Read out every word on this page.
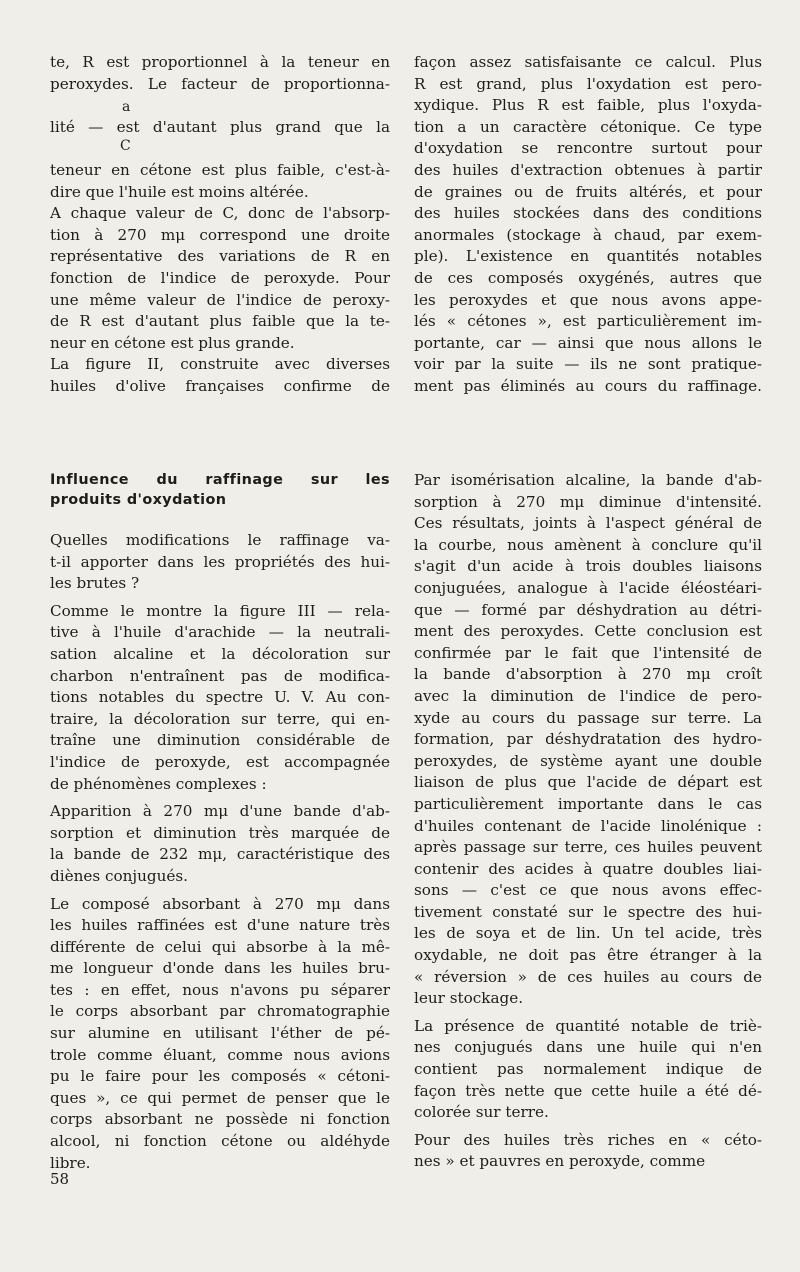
te, R est proportionnel à la teneur en
peroxydes. Le facteur de proportionna-
a
lité — est d'autant plus grand que la
C
teneur en cétone est plus faible, c'est-à-
dire que l'huile est moins altérée.
A chaque valeur de C, donc de l'absorp-
tion à 270 mμ correspond une droite
représentative des variations de R en
fonction de l'indice de peroxyde. Pour
une même valeur de l'indice de peroxy-
de R est d'autant plus faible que la te-
neur en cétone est plus grande.
La figure II, construite avec diverses
huiles d'olive françaises confirme de
façon assez satisfaisante ce calcul. Plus
R est grand, plus l'oxydation est pero-
xydique. Plus R est faible, plus l'oxyda-
tion a un caractère cétonique. Ce type
d'oxydation se rencontre surtout pour
des huiles d'extraction obtenues à partir
de graines ou de fruits altérés, et pour
des huiles stockées dans des conditions
anormales (stockage à chaud, par exem-
ple). L'existence en quantités notables
de ces composés oxygénés, autres que
les peroxydes et que nous avons appe-
lés « cétones », est particulièrement im-
portante, car — ainsi que nous allons le
voir par la suite — ils ne sont pratique-
ment pas éliminés au cours du raffinage.
Influence du raffinage sur les
produits d'oxydation

Quelles modifications le raffinage va-
t-il apporter dans les propriétés des hui-
les brutes ?

Comme le montre la figure III — rela-
tive à l'huile d'arachide — la neutrali-
sation alcaline et la décoloration sur
charbon n'entraînent pas de modifica-
tions notables du spectre U. V. Au con-
traire, la décoloration sur terre, qui en-
traîne une diminution considérable de
l'indice de peroxyde, est accompagnée
de phénomènes complexes :

Apparition à 270 mμ d'une bande d'ab-
sorption et diminution très marquée de
la bande de 232 mμ, caractéristique des
diènes conjugués.

Le composé absorbant à 270 mμ dans
les huiles raffinées est d'une nature très
différente de celui qui absorbe à la mê-
me longueur d'onde dans les huiles bru-
tes : en effet, nous n'avons pu séparer
le corps absorbant par chromatographie
sur alumine en utilisant l'éther de pé-
trole comme éluant, comme nous avions
pu le faire pour les composés « cétoni-
ques », ce qui permet de penser que le
corps absorbant ne possède ni fonction
alcool, ni fonction cétone ou aldéhyde
libre.

Par isomérisation alcaline, la bande d'ab-
sorption à 270 mμ diminue d'intensité.
Ces résultats, joints à l'aspect général de
la courbe, nous amènent à conclure qu'il
s'agit d'un acide à trois doubles liaisons
conjuguées, analogue à l'acide éléostéari-
que — formé par déshydration au détri-
ment des peroxydes. Cette conclusion est
confirmée par le fait que l'intensité de
la bande d'absorption à 270 mμ croît
avec la diminution de l'indice de pero-
xyde au cours du passage sur terre. La
formation, par déshydratation des hydro-
peroxydes, de système ayant une double
liaison de plus que l'acide de départ est
particulièrement importante dans le cas
d'huiles contenant de l'acide linolénique :
après passage sur terre, ces huiles peuvent
contenir des acides à quatre doubles liai-
sons — c'est ce que nous avons effec-
tivement constaté sur le spectre des hui-
les de soya et de lin. Un tel acide, très
oxydable, ne doit pas être étranger à la
« réversion » de ces huiles au cours de
leur stockage.

La présence de quantité notable de triè-
nes conjugués dans une huile qui n'en
contient pas normalement indique de
façon très nette que cette huile a été dé-
colorée sur terre.

Pour des huiles très riches en « céto-
nes » et pauvres en peroxyde, comme

58
